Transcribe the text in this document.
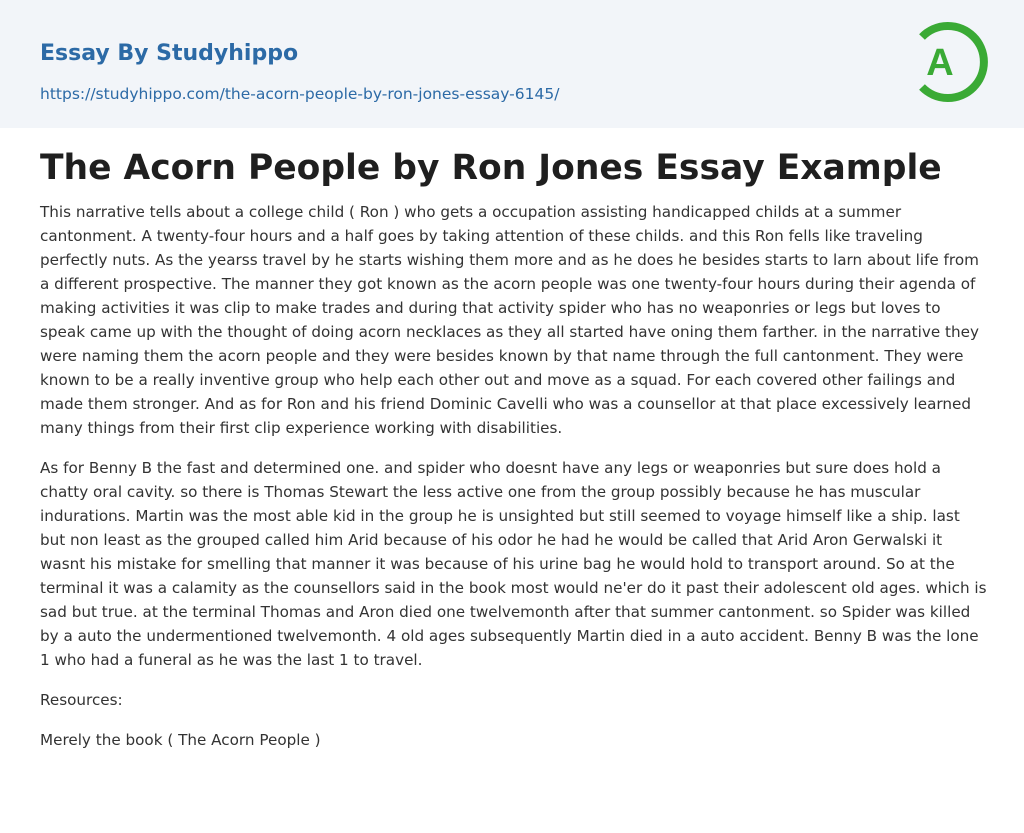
Essay By Studyhippo
https://studyhippo.com/the-acorn-people-by-ron-jones-essay-6145/
A
The Acorn People by Ron Jones Essay Example

This narrative tells about a college child ( Ron ) who gets a occupation assisting handicapped childs at a summer cantonment. A twenty-four hours and a half goes by taking attention of these childs. and this Ron fells like traveling perfectly nuts. As the yearss travel by he starts wishing them more and as he does he besides starts to larn about life from a different prospective. The manner they got known as the acorn people was one twenty-four hours during their agenda of making activities it was clip to make trades and during that activity spider who has no weaponries or legs but loves to speak came up with the thought of doing acorn necklaces as they all started have oning them farther. in the narrative they were naming them the acorn people and they were besides known by that name through the full cantonment. They were known to be a really inventive group who help each other out and move as a squad. For each covered other failings and made them stronger. And as for Ron and his friend Dominic Cavelli who was a counsellor at that place excessively learned many things from their first clip experience working with disabilities.

As for Benny B the fast and determined one. and spider who doesnt have any legs or weaponries but sure does hold a chatty oral cavity. so there is Thomas Stewart the less active one from the group possibly because he has muscular indurations. Martin was the most able kid in the group he is unsighted but still seemed to voyage himself like a ship. last but non least as the grouped called him Arid because of his odor he had he would be called that Arid Aron Gerwalski it wasnt his mistake for smelling that manner it was because of his urine bag he would hold to transport around. So at the terminal it was a calamity as the counsellors said in the book most would ne'er do it past their adolescent old ages. which is sad but true. at the terminal Thomas and Aron died one twelvemonth after that summer cantonment. so Spider was killed by a auto the undermentioned twelvemonth. 4 old ages subsequently Martin died in a auto accident. Benny B was the lone 1 who had a funeral as he was the last 1 to travel.

Resources:

Merely the book ( The Acorn People )
